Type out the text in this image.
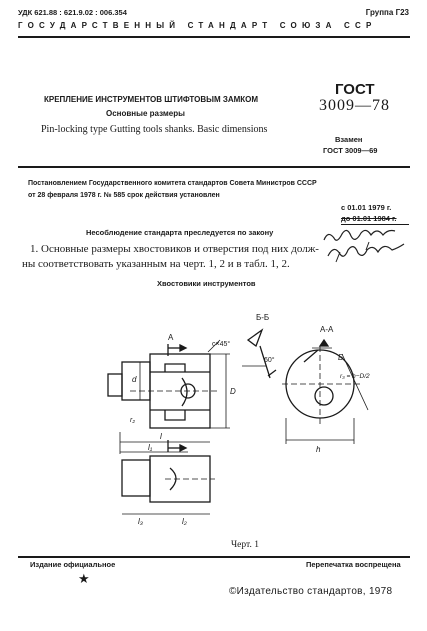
УДК 621.88 : 621.9.02 : 006.354	Группа Г23
ГОСУДАРСТВЕННЫЙ СТАНДАРТ СОЮЗА ССР
КРЕПЛЕНИЕ ИНСТРУМЕНТОВ ШТИФТОВЫМ ЗАМКОМ
Основные размеры
Pin-locking type Gutting tools shanks. Basic dimensions
ГОСТ
3009—78
Взамен
ГОСТ 3009—69
Постановлением Государственного комитета стандартов Совета Министров СССР
от 28 февраля 1978 г. № 585 срок действия установлен
с 01.01 1979 г.
до 01.01 1984 г.
Несоблюдение стандарта преследуется по закону
1. Основные размеры хвостовиков и отверстия под них долж-
ны соответствовать указанным на черт. 1, 2 и в табл. 1, 2.
Хвостовики инструментов
А
c×45°
d
D
r₂
l
l₁
l₃	l₂
Б-Б
60°
А-А
Б
r₃ = h−D/2
h
Черт. 1
Издание официальное	Перепечатка воспрещена
★
©Издательство стандартов, 1978
